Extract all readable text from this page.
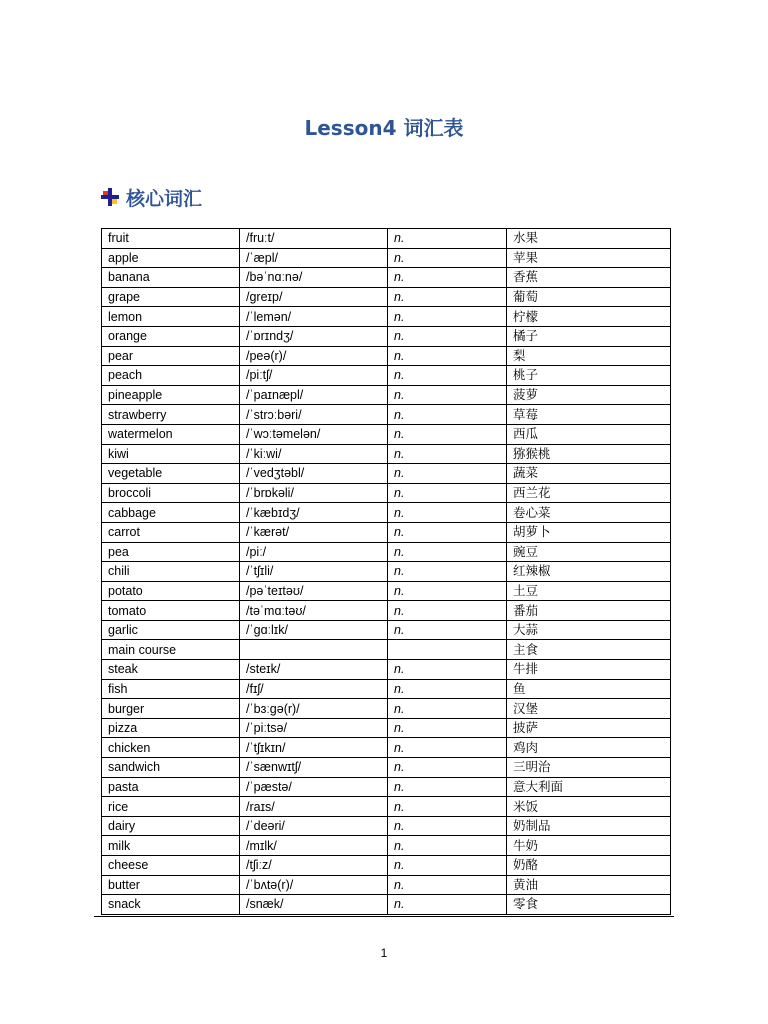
Lesson4 词汇表
核心词汇
fruit	/fruːt/	n.	水果
apple	/ˈæpl/	n.	苹果
banana	/bəˈnɑːnə/	n.	香蕉
grape	/ɡreɪp/	n.	葡萄
lemon	/ˈlemən/	n.	柠檬
orange	/ˈɒrɪndʒ/	n.	橘子
pear	/peə(r)/	n.	梨
peach	/piːtʃ/	n.	桃子
pineapple	/ˈpaɪnæpl/	n.	菠萝
strawberry	/ˈstrɔːbəri/	n.	草莓
watermelon	/ˈwɔːtəmelən/	n.	西瓜
kiwi	/ˈkiːwi/	n.	猕猴桃
vegetable	/ˈvedʒtəbl/	n.	蔬菜
broccoli	/ˈbrɒkəli/	n.	西兰花
cabbage	/ˈkæbɪdʒ/	n.	卷心菜
carrot	/ˈkærət/	n.	胡萝卜
pea	/piː/	n.	豌豆
chili	/ˈtʃɪli/	n.	红辣椒
potato	/pəˈteɪtəʊ/	n.	土豆
tomato	/təˈmɑːtəʊ/	n.	番茄
garlic	/ˈɡɑːlɪk/	n.	大蒜
main course			主食
steak	/steɪk/	n.	牛排
fish	/fɪʃ/	n.	鱼
burger	/ˈbɜːɡə(r)/	n.	汉堡
pizza	/ˈpiːtsə/	n.	披萨
chicken	/ˈtʃɪkɪn/	n.	鸡肉
sandwich	/ˈsænwɪtʃ/	n.	三明治
pasta	/ˈpæstə/	n.	意大利面
rice	/raɪs/	n.	米饭
dairy	/ˈdeəri/	n.	奶制品
milk	/mɪlk/	n.	牛奶
cheese	/tʃiːz/	n.	奶酪
butter	/ˈbʌtə(r)/	n.	黄油
snack	/snæk/	n.	零食
1
